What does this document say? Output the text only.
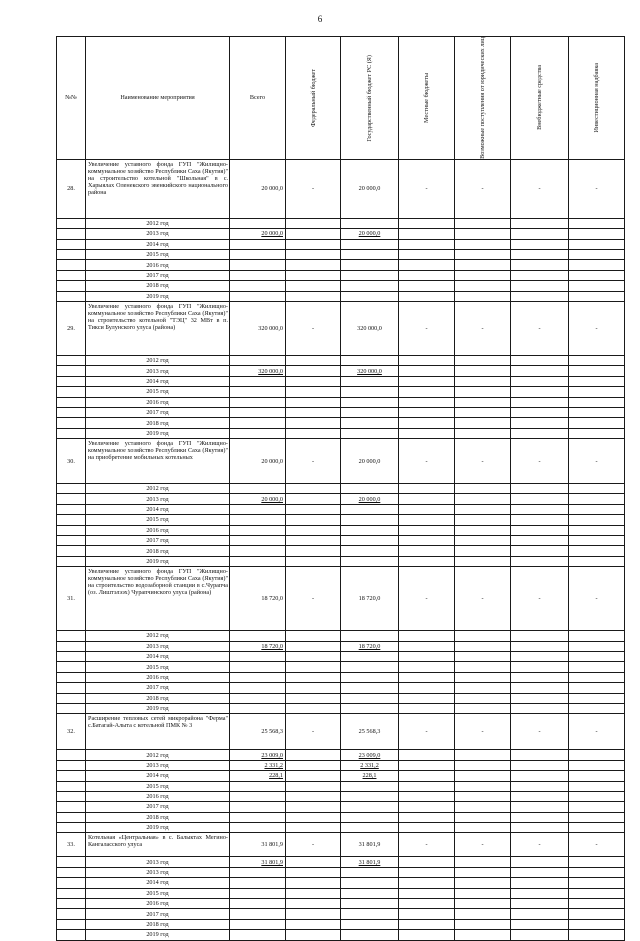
6
№№	Наименование мероприятия	Всего	Федеральный бюджет	Государственный бюджет РС (Я)	Местные бюджеты	Возможные поступления от юридических лиц	Внебюджетные средства	Инвестиционная надбавка

28.	Увеличение уставного фонда ГУП "Жилищно-коммунальное хозяйство Республики Саха (Якутия)" на строительство котельной "Школьная" в с. Харыялах Оленекского эвенкийского национального района	20 000,0	-	20 000,0	-	-	-	-
	2012 год							
	2013 год	20 000,0		20 000,0				
	2014 год							
	2015 год							
	2016 год							
	2017 год							
	2018 год							
	2019 год							
29.	Увеличение уставного фонда ГУП "Жилищно-коммунальное хозяйство Республики Саха (Якутия)" на строительство котельной "ТЭЦ" 32 МВт в п. Тикси Булунского улуса (района)	320 000,0	-	320 000,0	-	-	-	-
	2012 год							
	2013 год	320 000,0		320 000,0				
	2014 год							
	2015 год							
	2016 год							
	2017 год							
	2018 год							
	2019 год							
30.	Увеличение уставного фонда ГУП "Жилищно-коммунальное хозяйство Республики Саха (Якутия)" на приобретение мобильных котельных	20 000,0	-	20 000,0	-	-	-	-
	2012 год							
	2013 год	20 000,0		20 000,0				
	2014 год							
	2015 год							
	2016 год							
	2017 год							
	2018 год							
	2019 год							
31.	Увеличение уставного фонда ГУП "Жилищно-коммунальное хозяйство Республики Саха (Якутия)" на строительство водозаборной станции в с.Чурапча (оз. Лиштэлээх) Чурапчинского улуса (района)	18 720,0	-	18 720,0	-	-	-	-
	2012 год							
	2013 год	18 720,0		18 720,0				
	2014 год							
	2015 год							
	2016 год							
	2017 год							
	2018 год							
	2019 год							
32.	Расширение тепловых сетей микрорайона "Ферма" с.Батагай-Алыта с котельной ПМК № 3	25 568,3	-	25 568,3	-	-	-	-
	2012 год	23 009,0		23 009,0				
	2013 год	2 331,2		2 331,2				
	2014 год	228,1		228,1				
	2015 год							
	2016 год							
	2017 год							
	2018 год							
	2019 год							
33.	Котельная «Центральная» в с. Балыктах Мегино-Кангаласского улуса	31 801,9	-	31 801,9	-	-	-	-
	2013 год	31 801,9		31 801,9				
	2013 год							
	2014 год							
	2015 год							
	2016 год							
	2017 год							
	2018 год							
	2019 год							
